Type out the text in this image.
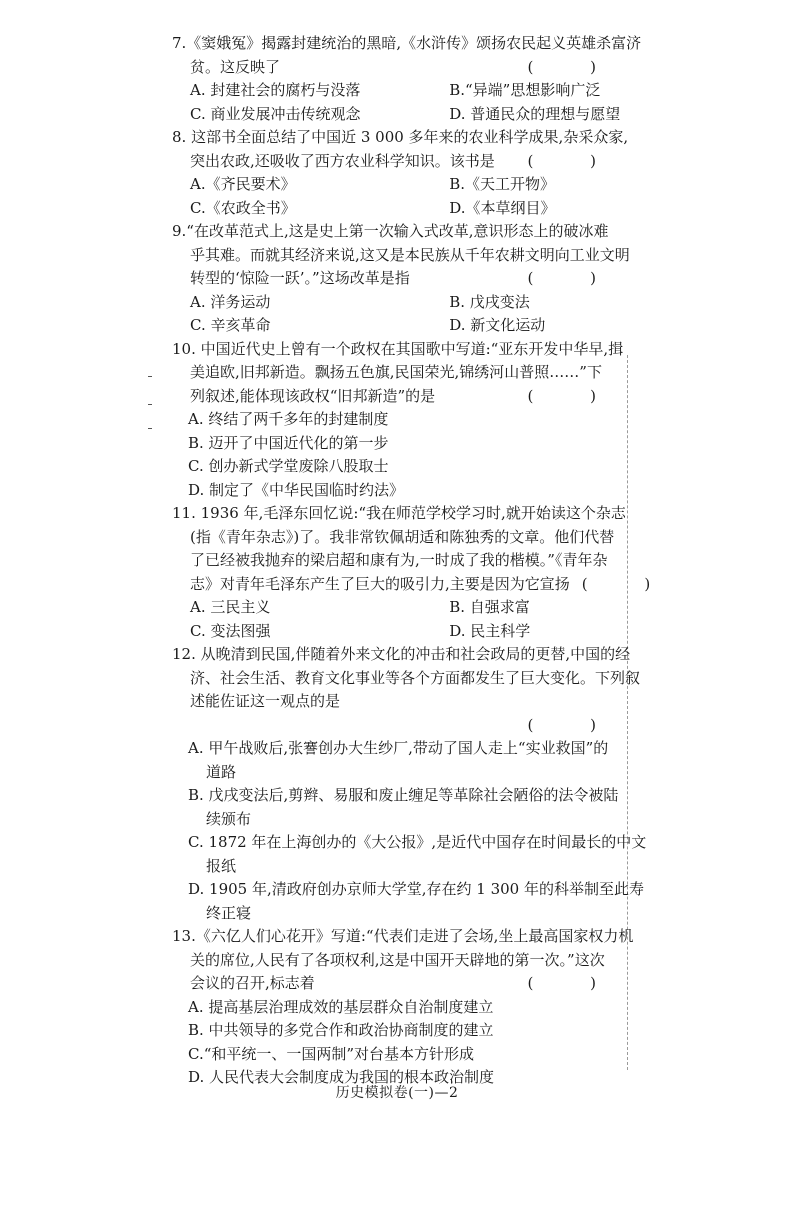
7.《窦娥冤》揭露封建统治的黑暗,《水浒传》颂扬农民起义英雄杀富济
贫。这反映了	( )
A. 封建社会的腐朽与没落	B.“异端”思想影响广泛
C. 商业发展冲击传统观念	D. 普通民众的理想与愿望
8. 这部书全面总结了中国近 3 000 多年来的农业科学成果,杂采众家,
突出农政,还吸收了西方农业科学知识。该书是 ( )
A.《齐民要术》	B.《天工开物》
C.《农政全书》	D.《本草纲目》
9.“在改革范式上,这是史上第一次输入式改革,意识形态上的破冰难
乎其难。而就其经济来说,这又是本民族从千年农耕文明向工业文明
转型的‘惊险一跃’。”这场改革是指	( )
A. 洋务运动	B. 戊戌变法
C. 辛亥革命	D. 新文化运动
10. 中国近代史上曾有一个政权在其国歌中写道:“亚东开发中华早,揖
美追欧,旧邦新造。飘扬五色旗,民国荣光,锦绣河山普照……”下
列叙述,能体现该政权“旧邦新造”的是	( )
A. 终结了两千多年的封建制度
B. 迈开了中国近代化的第一步
C. 创办新式学堂废除八股取士
D. 制定了《中华民国临时约法》
11. 1936 年,毛泽东回忆说:“我在师范学校学习时,就开始读这个杂志
(指《青年杂志》)了。我非常钦佩胡适和陈独秀的文章。他们代替
了已经被我抛弃的梁启超和康有为,一时成了我的楷模。”《青年杂
志》对青年毛泽东产生了巨大的吸引力,主要是因为它宣扬 ( )
A. 三民主义	B. 自强求富
C. 变法图强	D. 民主科学
12. 从晚清到民国,伴随着外来文化的冲击和社会政局的更替,中国的经
济、社会生活、教育文化事业等各个方面都发生了巨大变化。下列叙
述能佐证这一观点的是
( )
A. 甲午战败后,张謇创办大生纱厂,带动了国人走上“实业救国”的
道路
B. 戊戌变法后,剪辫、易服和废止缠足等革除社会陋俗的法令被陆
续颁布
C. 1872 年在上海创办的《大公报》,是近代中国存在时间最长的中文
报纸
D. 1905 年,清政府创办京师大学堂,存在约 1 300 年的科举制至此寿
终正寝
13.《六亿人们心花开》写道:“代表们走进了会场,坐上最高国家权力机
关的席位,人民有了各项权利,这是中国开天辟地的第一次。”这次
会议的召开,标志着	( )
A. 提高基层治理成效的基层群众自治制度建立
B. 中共领导的多党合作和政治协商制度的建立
C.“和平统一、一国两制”对台基本方针形成
D. 人民代表大会制度成为我国的根本政治制度
历史模拟卷(一)—2
